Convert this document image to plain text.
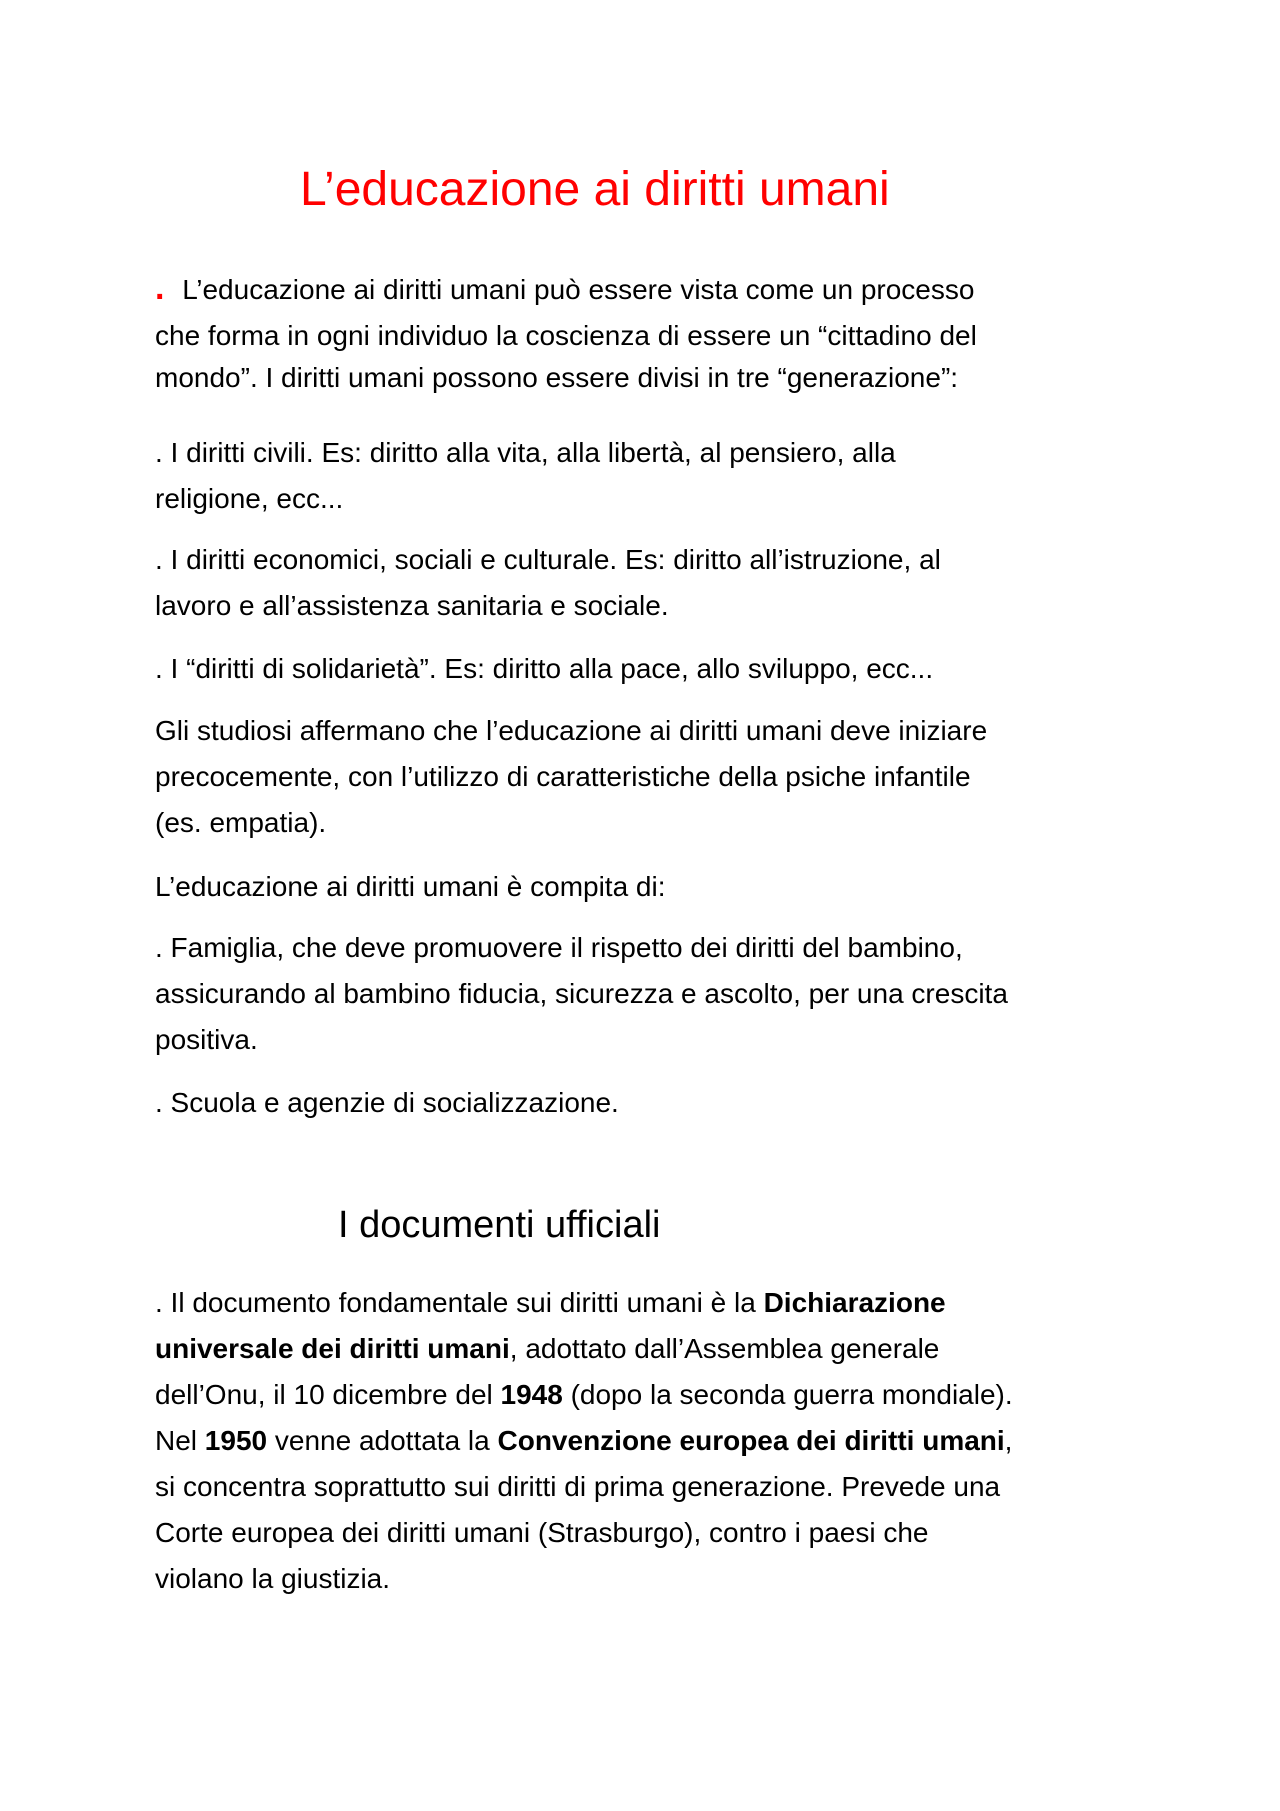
L’educazione ai diritti umani
. L’educazione ai diritti umani può essere vista come un processo
che forma in ogni individuo la coscienza di essere un “cittadino del
mondo”. I diritti umani possono essere divisi in tre “generazione”:
. I diritti civili. Es: diritto alla vita, alla libertà, al pensiero, alla
religione, ecc...
. I diritti economici, sociali e culturale. Es: diritto all’istruzione, al
lavoro e all’assistenza sanitaria e sociale.
. I “diritti di solidarietà”. Es: diritto alla pace, allo sviluppo, ecc...
Gli studiosi affermano che l’educazione ai diritti umani deve iniziare
precocemente, con l’utilizzo di caratteristiche della psiche infantile
(es. empatia).
L’educazione ai diritti umani è compita di:
. Famiglia, che deve promuovere il rispetto dei diritti del bambino,
assicurando al bambino fiducia, sicurezza e ascolto, per una crescita
positiva.
. Scuola e agenzie di socializzazione.
I documenti ufficiali
. Il documento fondamentale sui diritti umani è la Dichiarazione
universale dei diritti umani, adottato dall’Assemblea generale
dell’Onu, il 10 dicembre del 1948 (dopo la seconda guerra mondiale).
Nel 1950 venne adottata la Convenzione europea dei diritti umani,
si concentra soprattutto sui diritti di prima generazione. Prevede una
Corte europea dei diritti umani (Strasburgo), contro i paesi che
violano la giustizia.
